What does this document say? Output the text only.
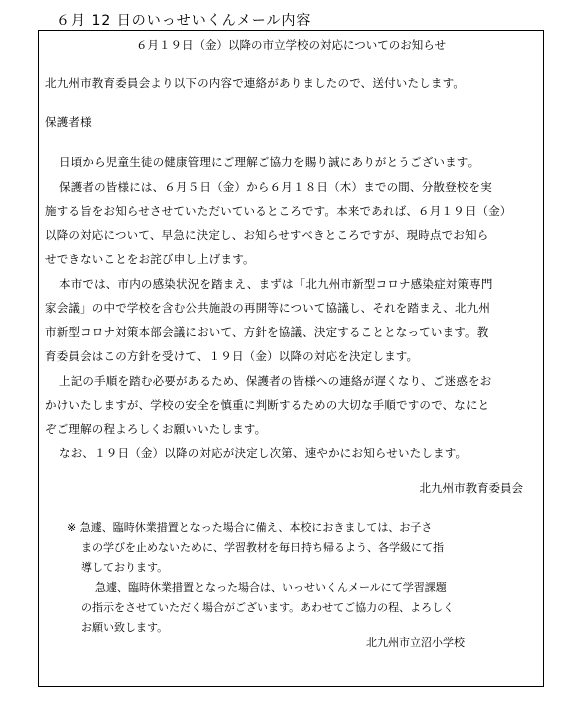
６月 12 日のいっせいくんメール内容
６月１９日（金）以降の市立学校の対応についてのお知らせ
北九州市教育委員会より以下の内容で連絡がありましたので、送付いたします。
保護者様
日頃から児童生徒の健康管理にご理解ご協力を賜り誠にありがとうございます。
保護者の皆様には、６月５日（金）から６月１８日（木）までの間、分散登校を実
施する旨をお知らせさせていただいているところです。本来であれば、６月１９日（金）
以降の対応について、早急に決定し、お知らせすべきところですが、現時点でお知ら
せできないことをお詫び申し上げます。
本市では、市内の感染状況を踏まえ、まずは「北九州市新型コロナ感染症対策専門
家会議」の中で学校を含む公共施設の再開等について協議し、それを踏まえ、北九州
市新型コロナ対策本部会議において、方針を協議、決定することとなっています。教
育委員会はこの方針を受けて、１９日（金）以降の対応を決定します。
上記の手順を踏む必要があるため、保護者の皆様への連絡が遅くなり、ご迷惑をお
かけいたしますが、学校の安全を慎重に判断するための大切な手順ですので、なにと
ぞご理解の程よろしくお願いいたします。
なお、１９日（金）以降の対応が決定し次第、速やかにお知らせいたします。
北九州市教育委員会
※ 急遽、臨時休業措置となった場合に備え、本校におきましては、お子さ
まの学びを止めないために、学習教材を毎日持ち帰るよう、各学級にて指
導しております。
急遽、臨時休業措置となった場合は、いっせいくんメールにて学習課題
の指示をさせていただく場合がございます。あわせてご協力の程、よろしく
お願い致します。
北九州市立沼小学校
